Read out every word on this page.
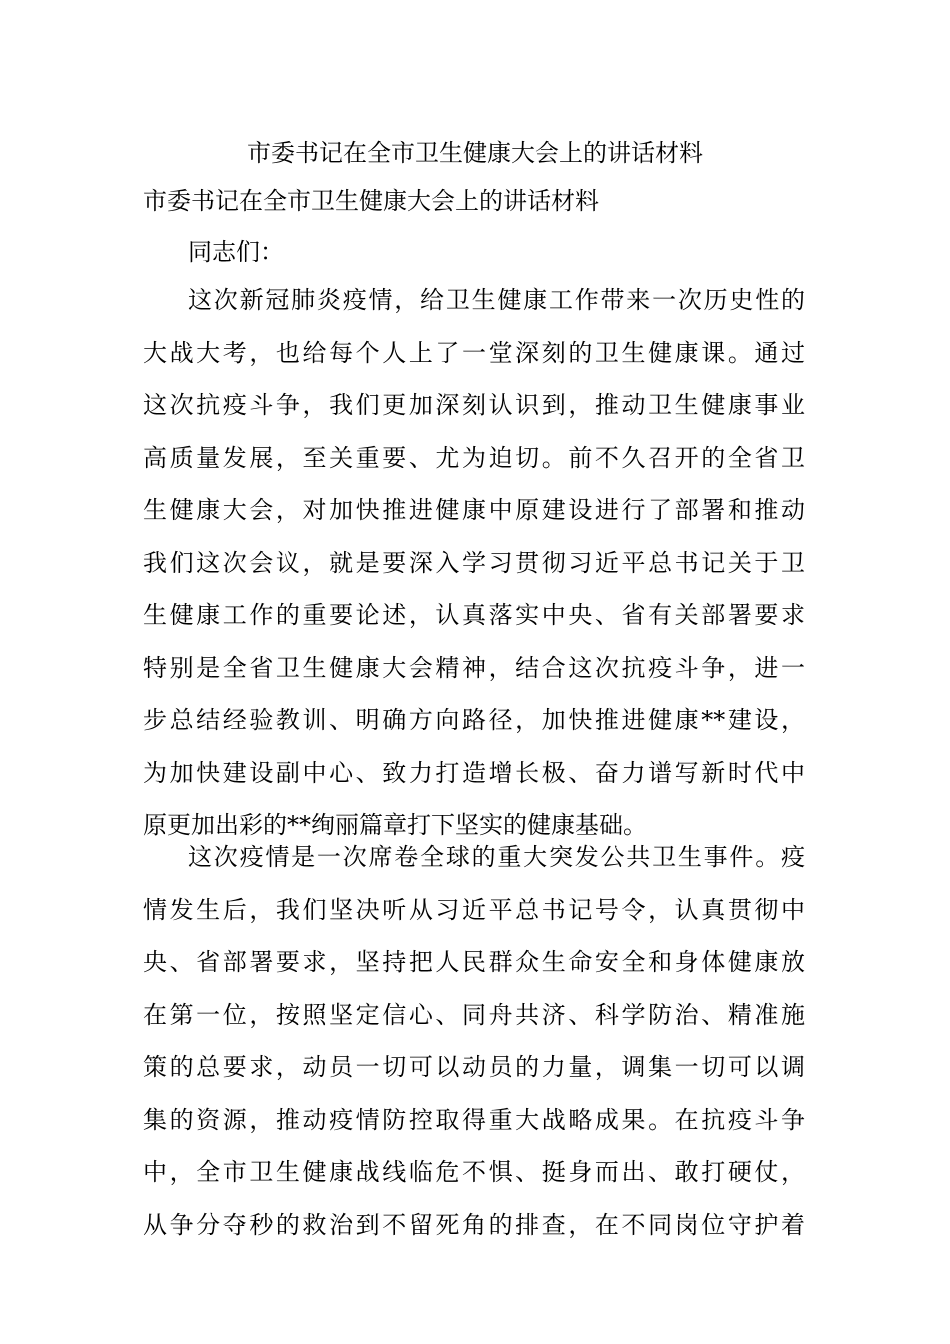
市委书记在全市卫生健康大会上的讲话材料
市委书记在全市卫生健康大会上的讲话材料
同志们：
这次新冠肺炎疫情，给卫生健康工作带来一次历史性的
大战大考，也给每个人上了一堂深刻的卫生健康课。通过
这次抗疫斗争，我们更加深刻认识到，推动卫生健康事业
高质量发展，至关重要、尤为迫切。前不久召开的全省卫
生健康大会，对加快推进健康中原建设进行了部署和推动
我们这次会议，就是要深入学习贯彻习近平总书记关于卫
生健康工作的重要论述，认真落实中央、省有关部署要求
特别是全省卫生健康大会精神，结合这次抗疫斗争，进一
步总结经验教训、明确方向路径，加快推进健康**建设，
为加快建设副中心、致力打造增长极、奋力谱写新时代中
原更加出彩的**绚丽篇章打下坚实的健康基础。
这次疫情是一次席卷全球的重大突发公共卫生事件。疫
情发生后，我们坚决听从习近平总书记号令，认真贯彻中
央、省部署要求，坚持把人民群众生命安全和身体健康放
在第一位，按照坚定信心、同舟共济、科学防治、精准施
策的总要求，动员一切可以动员的力量，调集一切可以调
集的资源，推动疫情防控取得重大战略成果。在抗疫斗争
中，全市卫生健康战线临危不惧、挺身而出、敢打硬仗，
从争分夺秒的救治到不留死角的排查，在不同岗位守护着
